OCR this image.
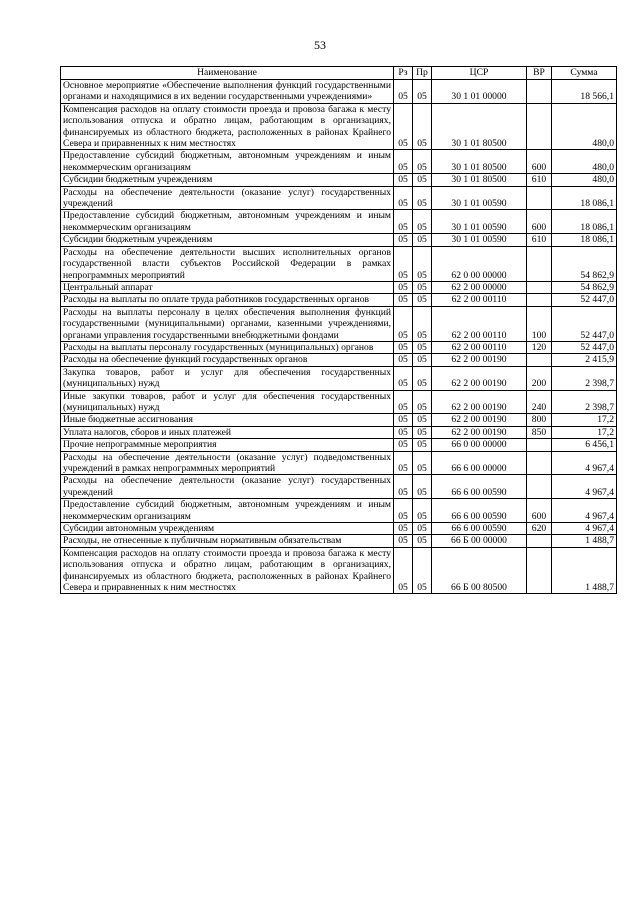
53
Наименование	Рз	Пр	ЦСР	ВР	Сумма
Основное мероприятие «Обеспечение выполнения функций государственными органами и находящимися в их ведении государственными учреждениями»	05	05	30 1 01 00000		18 566,1
Компенсация расходов на оплату стоимости проезда и провоза багажа к месту использования отпуска и обратно лицам, работающим в организациях, финансируемых из областного бюджета, расположенных в районах Крайнего Севера и приравненных к ним местностях	05	05	30 1 01 80500		480,0
Предоставление субсидий бюджетным, автономным учреждениям и иным некоммерческим организациям	05	05	30 1 01 80500	600	480,0
Субсидии бюджетным учреждениям	05	05	30 1 01 80500	610	480,0
Расходы на обеспечение деятельности (оказание услуг) государственных учреждений	05	05	30 1 01 00590		18 086,1
Предоставление субсидий бюджетным, автономным учреждениям и иным некоммерческим организациям	05	05	30 1 01 00590	600	18 086,1
Субсидии бюджетным учреждениям	05	05	30 1 01 00590	610	18 086,1
Расходы на обеспечение деятельности высших исполнительных органов государственной власти субъектов Российской Федерации в рамках непрограммных мероприятий	05	05	62 0 00 00000		54 862,9
Центральный аппарат	05	05	62 2 00 00000		54 862,9
Расходы на выплаты по оплате труда работников государственных органов	05	05	62 2 00 00110		52 447,0
Расходы на выплаты персоналу в целях обеспечения выполнения функций государственными (муниципальными) органами, казенными учреждениями, органами управления государственными внебюджетными фондами	05	05	62 2 00 00110	100	52 447,0
Расходы на выплаты персоналу государственных (муниципальных) органов	05	05	62 2 00 00110	120	52 447,0
Расходы на обеспечение функций государственных органов	05	05	62 2 00 00190		2 415,9
Закупка товаров, работ и услуг для обеспечения государственных (муниципальных) нужд	05	05	62 2 00 00190	200	2 398,7
Иные закупки товаров, работ и услуг для обеспечения государственных (муниципальных) нужд	05	05	62 2 00 00190	240	2 398,7
Иные бюджетные ассигнования	05	05	62 2 00 00190	800	17,2
Уплата налогов, сборов и иных платежей	05	05	62 2 00 00190	850	17,2
Прочие непрограммные мероприятия	05	05	66 0 00 00000		6 456,1
Расходы на обеспечение деятельности (оказание услуг) подведомственных учреждений в рамках непрограммных мероприятий	05	05	66 6 00 00000		4 967,4
Расходы на обеспечение деятельности (оказание услуг) государственных учреждений	05	05	66 6 00 00590		4 967,4
Предоставление субсидий бюджетным, автономным учреждениям и иным некоммерческим организациям	05	05	66 6 00 00590	600	4 967,4
Субсидии автономным учреждениям	05	05	66 6 00 00590	620	4 967,4
Расходы, не отнесенные к публичным нормативным обязательствам	05	05	66 Б 00 00000		1 488,7
Компенсация расходов на оплату стоимости проезда и провоза багажа к месту использования отпуска и обратно лицам, работающим в организациях, финансируемых из областного бюджета, расположенных в районах Крайнего Севера и приравненных к ним местностях	05	05	66 Б 00 80500		1 488,7
